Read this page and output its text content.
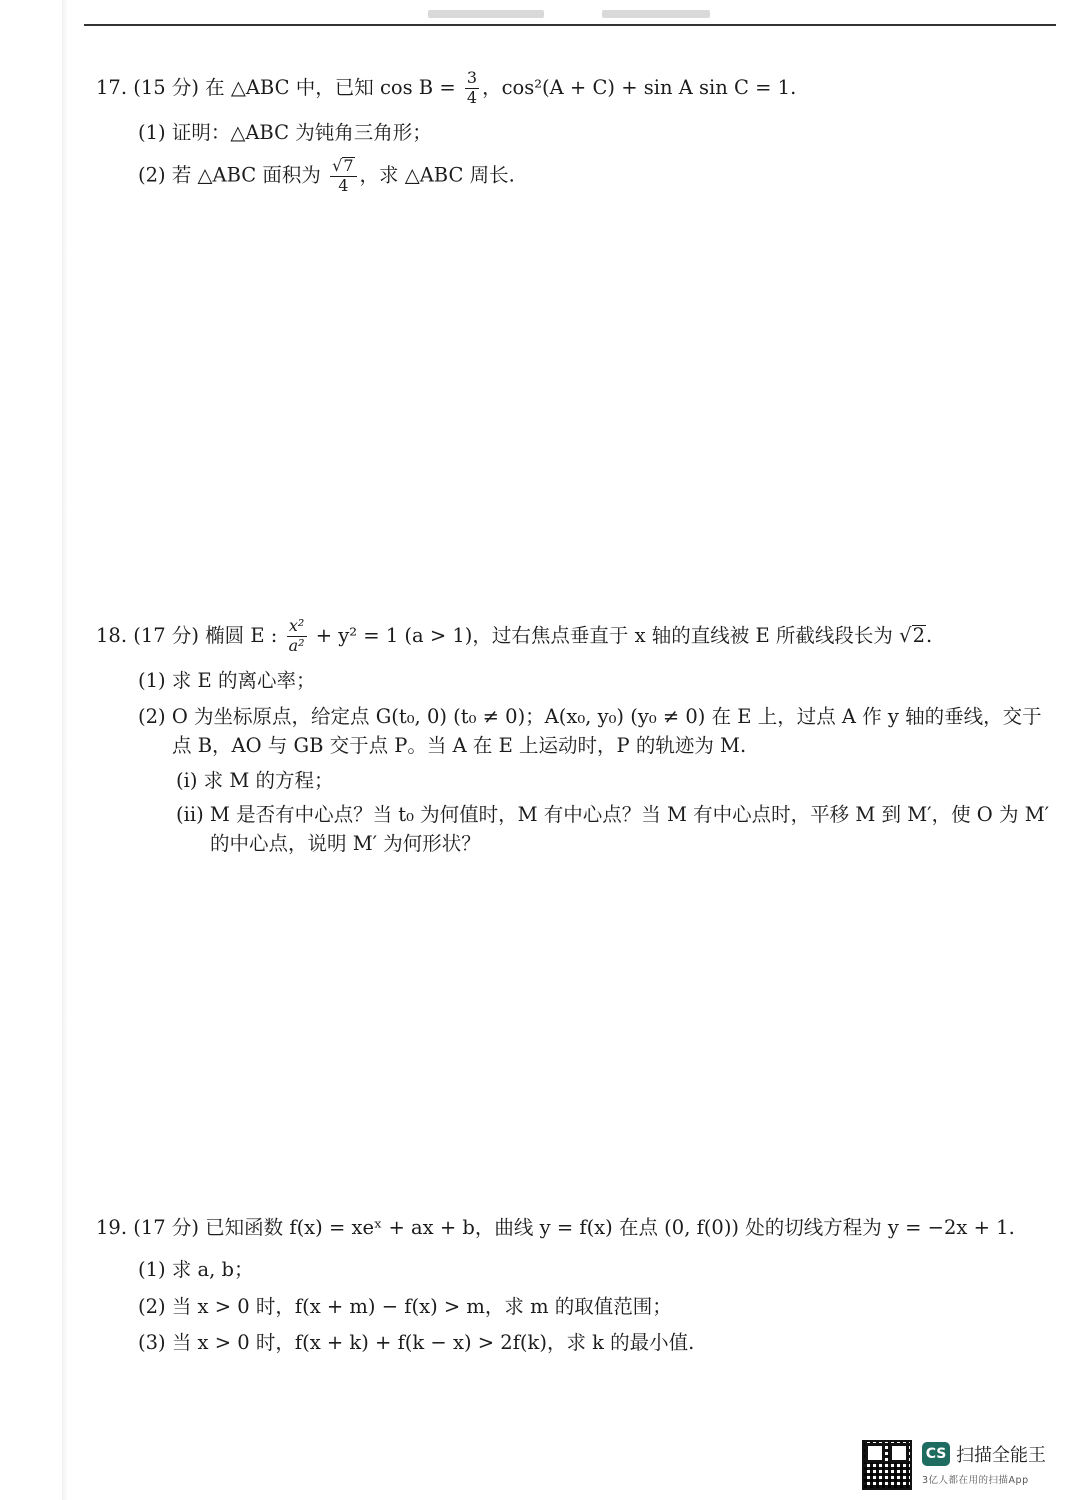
17. (15 分) 在 △ABC 中，已知 $\cos B = \frac{3}{4}$ ，cos²(A + C) + sin A sin C = 1.
(1) 证明：△ABC 为钝角三角形；
(2) 若 △ABC 面积为 $\frac{√7}{4}$ ，求 △ABC 周长.
18. (17 分) 椭圆 E : $\frac{\text{x²}}{\text{a²}} + y^2 = 1$ (a > 1)，过右焦点垂直于 x 轴的直线被 E 所截线段长为 √2.
(1) 求 E 的离心率；
(2) O 为坐标原点，给定点 G(t₀, 0) (t₀ ≠ 0)；A(x₀, y₀) (y₀ ≠ 0) 在 E 上，过点 A 作 y 轴的垂线，交于点 B，AO 与 GB 交于点 P。当 A 在 E 上运动时，P 的轨迹为 M.
(i) 求 M 的方程；
(ii) M 是否有中心点？当 t₀ 为何值时，M 有中心点？当 M 有中心点时，平移 M 到 M′，使 O 为 M′ 的中心点，说明 M′ 为何形状？
19. (17 分) 已知函数 f(x) = xeˣ + ax + b，曲线 y = f(x) 在点 (0, f(0)) 处的切线方程为 y = −2x + 1.
(1) 求 a, b；
(2) 当 x > 0 时，f(x + m) − f(x) > m，求 m 的取值范围；
(3) 当 x > 0 时，f(x + k) + f(k − x) > 2f(k)，求 k 的最小值.
CS 扫描全能王
3亿人都在用的扫描App
